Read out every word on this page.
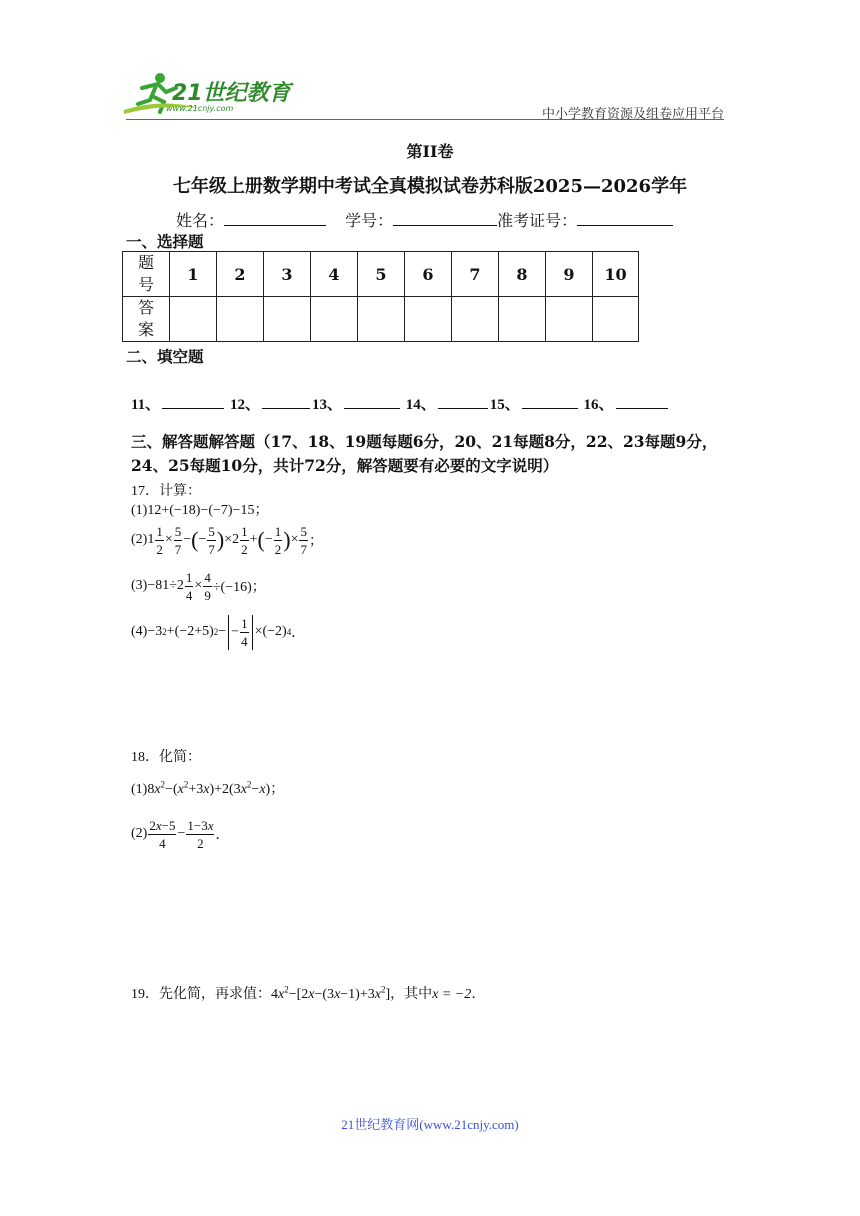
21世纪教育
www.21cnjy.com	中小学教育资源及组卷应用平台
第II卷
七年级上册数学期中考试全真模拟试卷苏科版2025—2026学年
姓名：	学号：	准考证号：
一、选择题
题
号	1	2	3	4	5	6	7	8	9	10

答
案										

二、填空题
11、	12、	13、	14、	15、	16、
三、解答题解答题（17、18、19题每题6分，20、21每题8分，22、23每题9分，24、25每题10分，共计72分，解答题要有必要的文字说明）
17．计算：
(1)12+(−18)−(−7)−15；
(2) $1 \frac{1}{2} \times \frac{5}{7}$ − ( − $\frac{5}{7}$ ) $\times 2 \frac{1}{2}$ + ( − $\frac{1}{2}$ ) × $\frac{5}{7}$ ；
$(3) -81\div 2 \frac{1}{4} \times \frac{4}{9} \div(-16)$；
(4) −3 2 +(−2+5) 2 − − $\frac{1}{4} \times(-2)$ 4 ．
18．化简：
$(1)8x^2-(x^2+3x)+2(3x^2-x)$；
$(2) \frac{2x-5}{4} - \frac{1-3x}{2}$ ．
19．先化简，再求值：$4x^2-[2x-(3x-1)+3x^2]$，其中x = −2．
21世纪教育网(www.21cnjy.com)
